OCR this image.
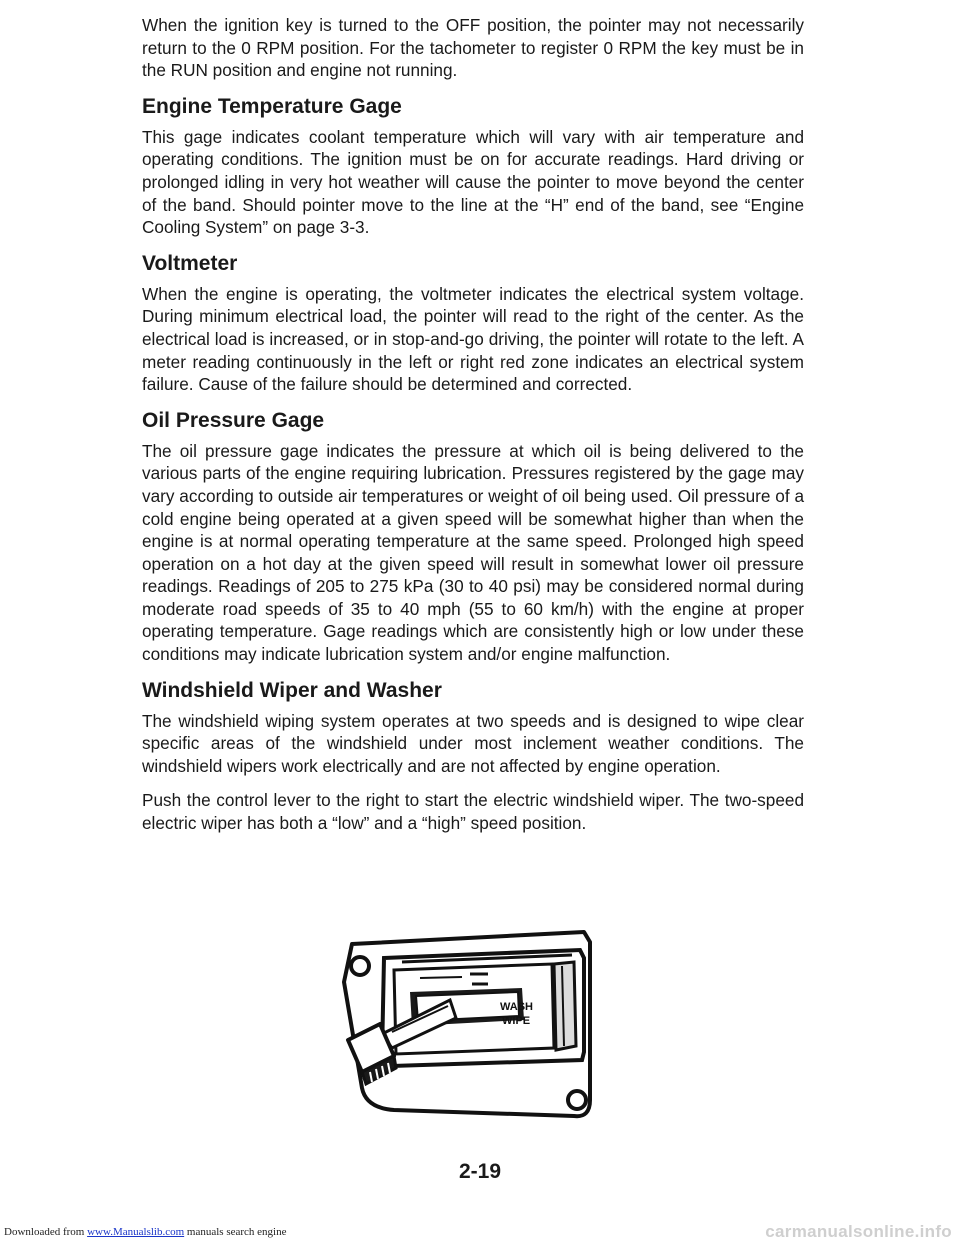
When the ignition key is turned to the OFF position, the pointer may not necessarily return to the 0 RPM position. For the tachometer to register 0 RPM the key must be in the RUN position and engine not running.

Engine Temperature Gage

This gage indicates coolant temperature which will vary with air temperature and operating conditions. The ignition must be on for accurate readings. Hard driving or prolonged idling in very hot weather will cause the pointer to move beyond the center of the band. Should pointer move to the line at the “H” end of the band, see “Engine Cooling System” on page 3-3.

Voltmeter

When the engine is operating, the voltmeter indicates the electrical system voltage. During minimum electrical load, the pointer will read to the right of the center. As the electrical load is increased, or in stop-and-go driving, the pointer will rotate to the left. A meter reading continuously in the left or right red zone indicates an electrical system failure. Cause of the failure should be determined and corrected.

Oil Pressure Gage

The oil pressure gage indicates the pressure at which oil is being delivered to the various parts of the engine requiring lubrication. Pressures registered by the gage may vary according to outside air temperatures or weight of oil being used. Oil pressure of a cold engine being operated at a given speed will be somewhat higher than when the engine is at normal operating temperature at the same speed. Prolonged high speed operation on a hot day at the given speed will result in somewhat lower oil pressure readings. Readings of 205 to 275 kPa (30 to 40 psi) may be considered normal during moderate road speeds of 35 to 40 mph (55 to 60 km/h) with the engine at proper operating temperature. Gage readings which are consistently high or low under these conditions may indicate lubrication system and/or engine malfunction.

Windshield Wiper and Washer

The windshield wiping system operates at two speeds and is designed to wipe clear specific areas of the windshield under most inclement weather conditions. The windshield wipers work electrically and are not affected by engine operation.

Push the control lever to the right to start the electric windshield wiper. The two-speed electric wiper has both a “low” and a “high” speed position.

WASH
WIPE
2-19
Downloaded from www.Manualslib.com manuals search engine	carmanualsonline.info
